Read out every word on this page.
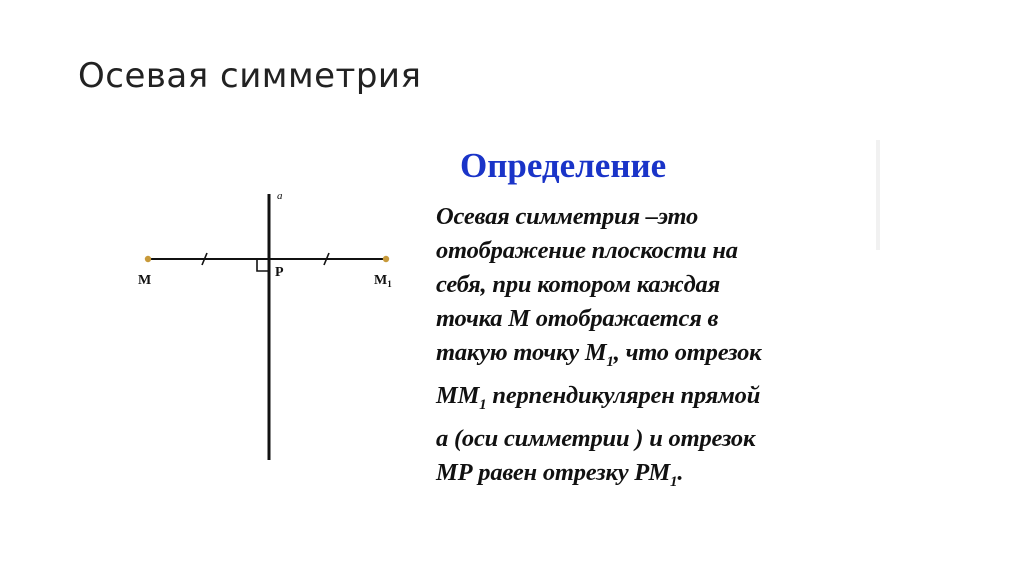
Осевая симметрия
a
M
P
$M_1$
Определение
Осевая симметрия –это
отображение плоскости на
себя, при котором каждая
точка М отображается в
такую точку $М_1$, что отрезок
$ММ_1$ перпендикулярен прямой
а (оси симметрии ) и отрезок
МР равен отрезку $РМ_1$.
